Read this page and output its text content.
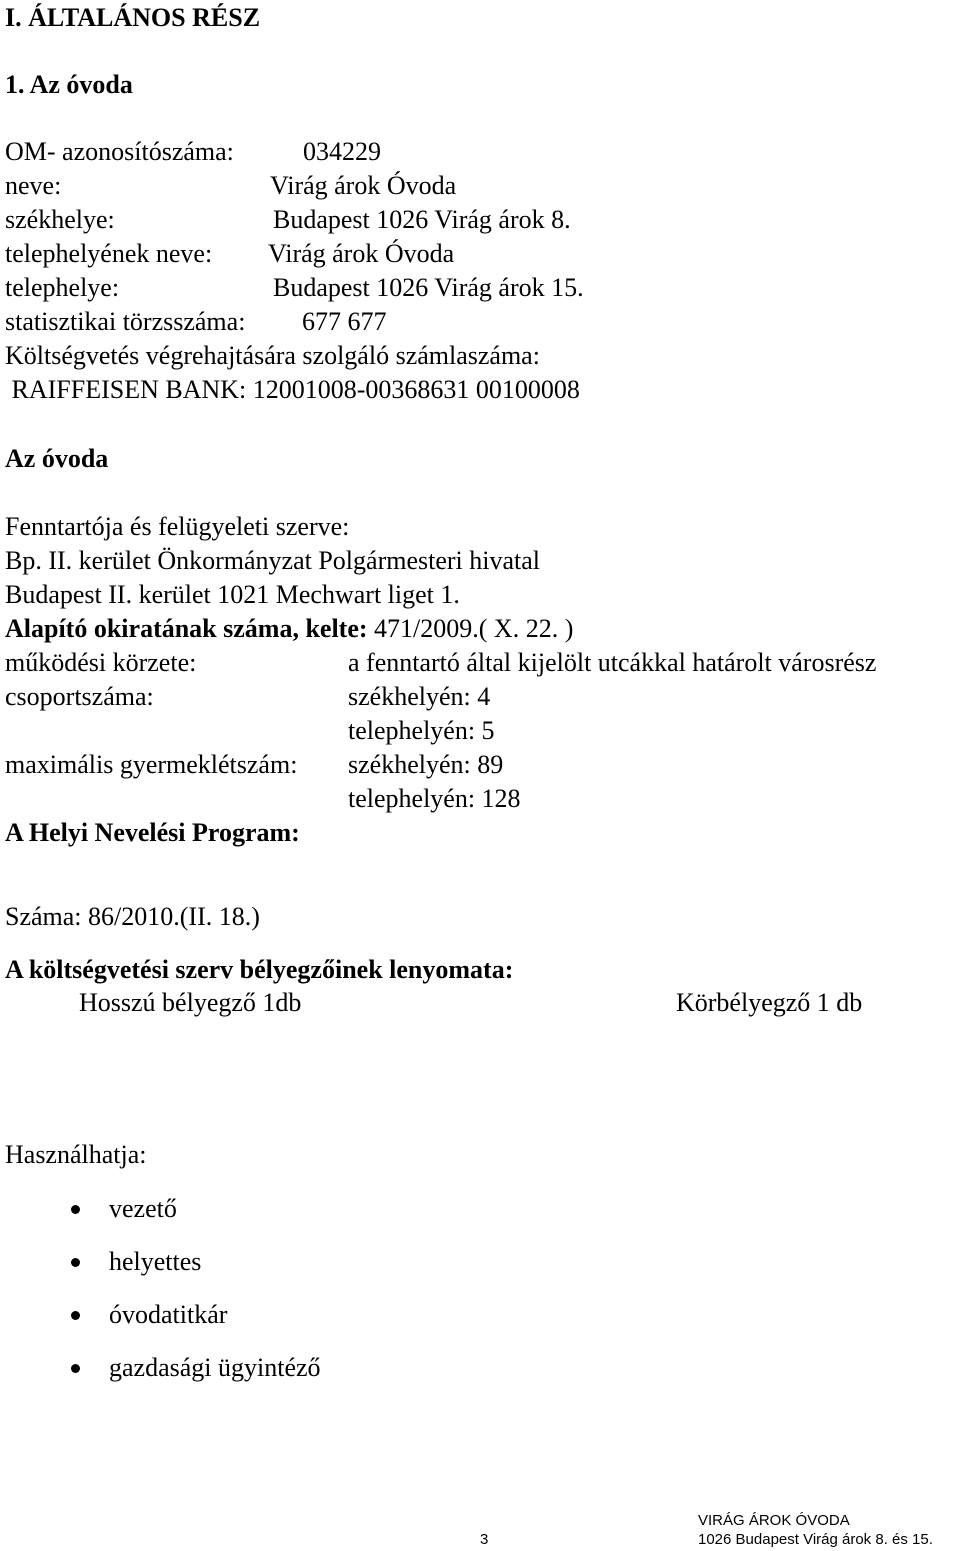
I. ÁLTALÁNOS RÉSZ
1. Az óvoda
OM- azonosítószáma:	034229
neve:	Virág árok Óvoda
székhelye:	Budapest 1026 Virág árok 8.
telephelyének neve: Virág árok Óvoda
telephelye:	Budapest 1026 Virág árok 15.
statisztikai törzsszáma: 677 677
Költségvetés végrehajtására szolgáló számlaszáma:
RAIFFEISEN BANK: 12001008-00368631 00100008
Az óvoda
Fenntartója és felügyeleti szerve:
Bp. II. kerület Önkormányzat Polgármesteri hivatal
Budapest II. kerület 1021 Mechwart liget 1.
Alapító okiratának száma, kelte: 471/2009.( X. 22. )
működési körzete:	a fenntartó által kijelölt utcákkal határolt városrész
csoportszáma:	székhelyén: 4
telephelyén: 5
maximális gyermeklétszám: székhelyén: 89
telephelyén: 128
A Helyi Nevelési Program:
Száma: 86/2010.(II. 18.)
A költségvetési szerv bélyegzőinek lenyomata:
Hosszú bélyegző 1db	Körbélyegző 1 db
Használhatja:
vezető
helyettes
óvodatitkár
gazdasági ügyintéző
3
VIRÁG ÁROK ÓVODA
1026 Budapest Virág árok 8. és 15.
